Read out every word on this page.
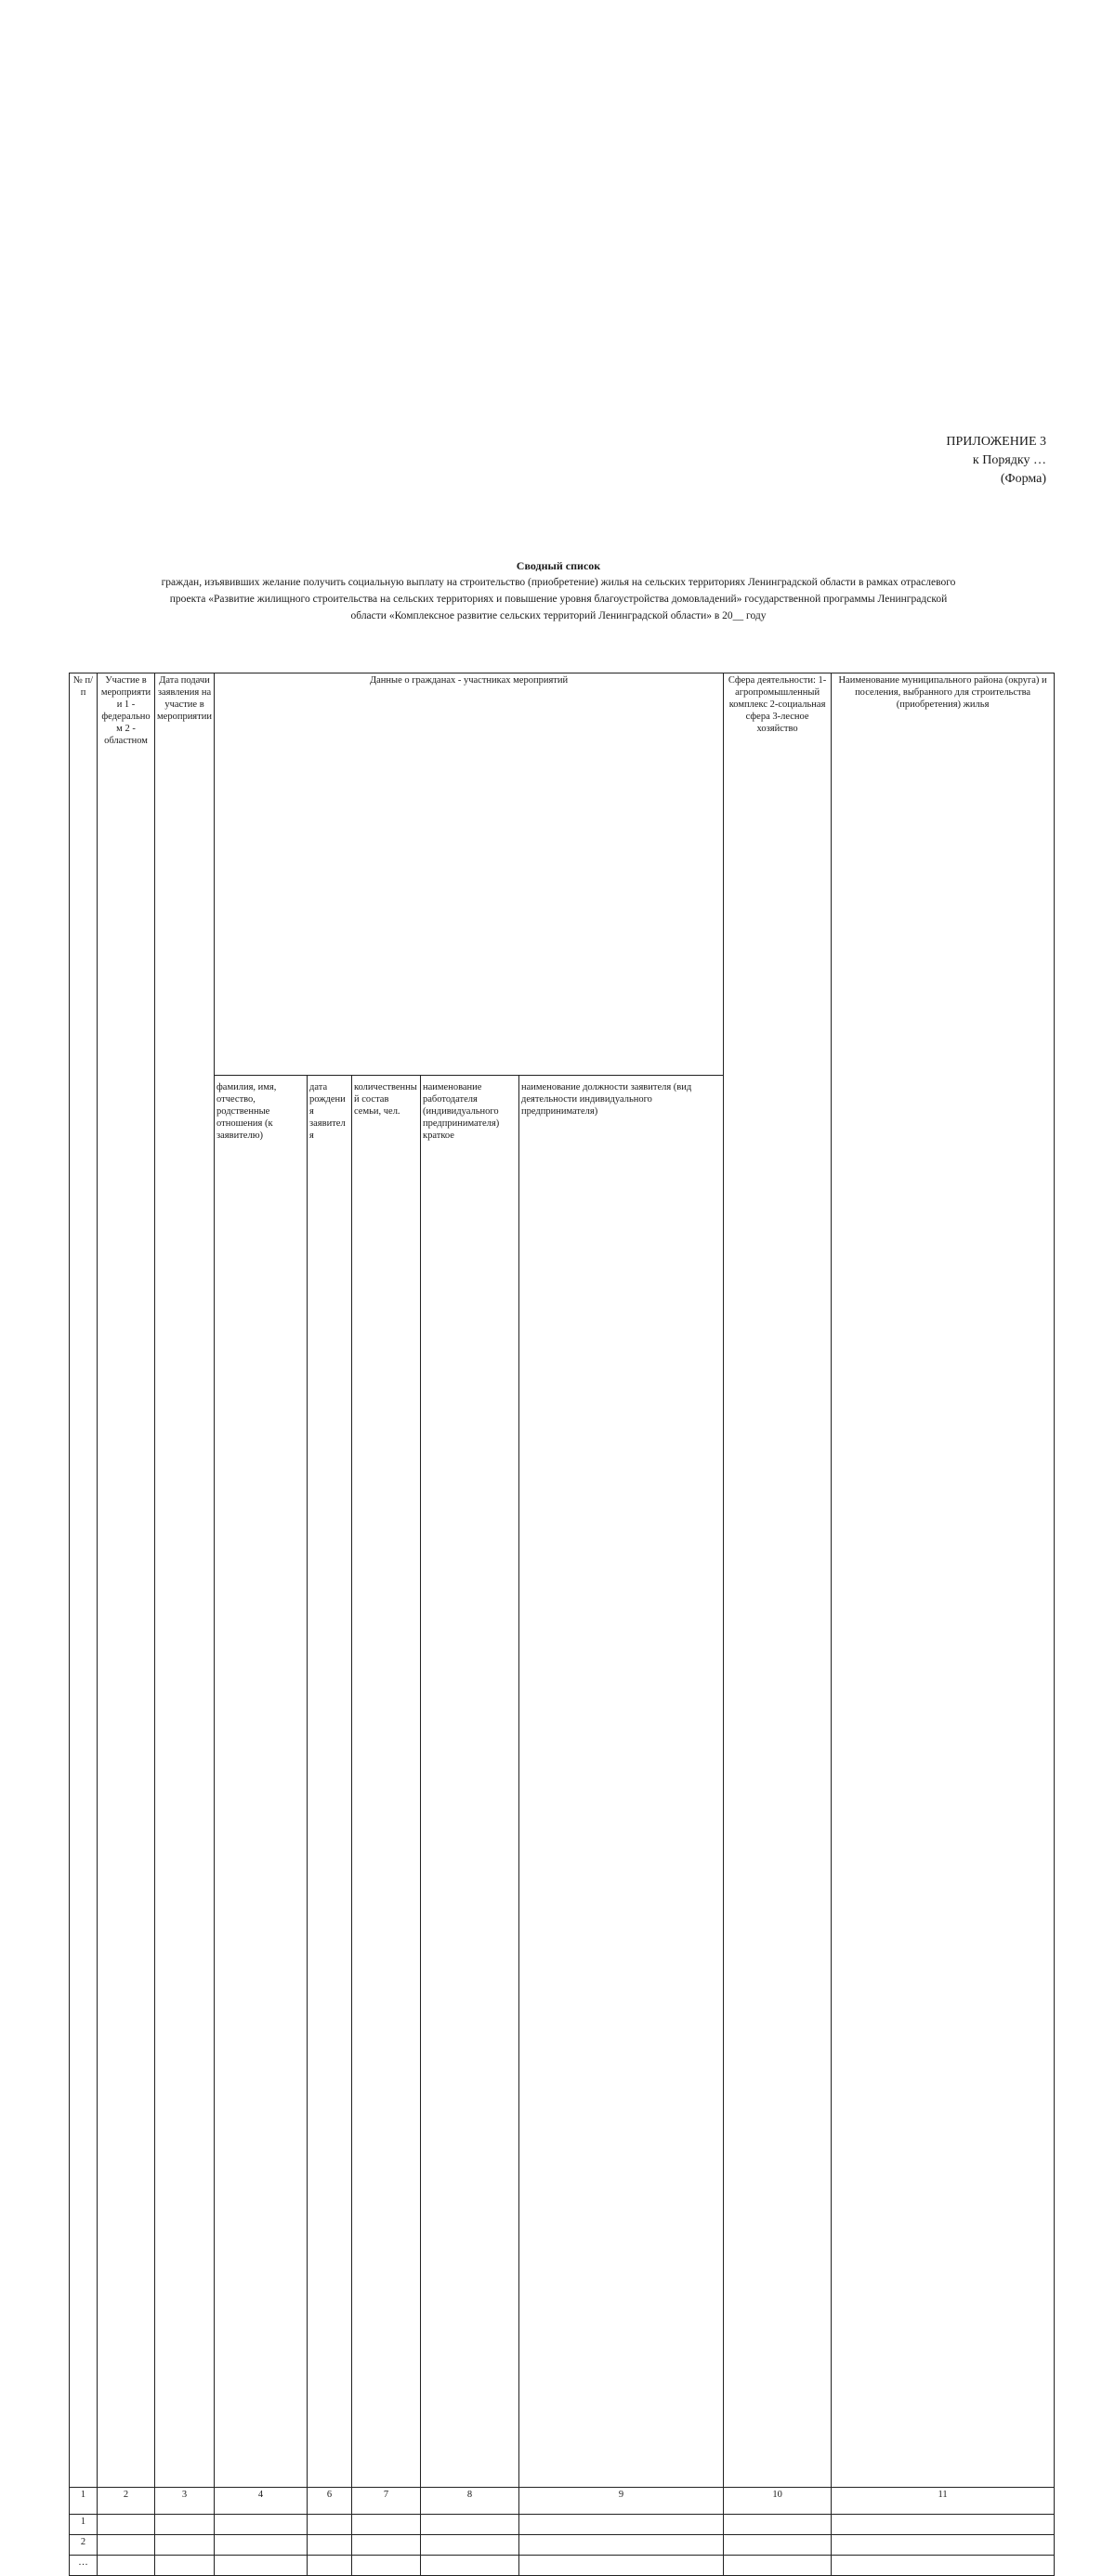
ПРИЛОЖЕНИЕ 3
к Порядку …
(Форма)
Сводный список
граждан, изъявивших желание получить социальную выплату на строительство (приобретение) жилья на сельских территориях Ленинградской области в рамках отраслевого
проекта «Развитие жилищного строительства на сельских территориях и повышение уровня благоустройства домовладений» государственной программы Ленинградской
области «Комплексное развитие сельских территорий Ленинградской области» в 20__ году
№ п/п	Участие в мероприятии 1 - федеральном 2 - областном	Дата подачи заявления на участие в мероприятии	Данные о гражданах - участниках мероприятий					Сфера деятельности: 1- агропромышленный комплекс 2-социальная сфера 3-лесное хозяйство	Наименование муниципального района (округа) и поселения, выбранного для строительства (приобретения) жилья	
			фамилия, имя, отчество, родственные отношения (к заявителю)	дата рождения заявителя	количественный состав семьи, чел.	наименование работодателя (индивидуального предпринимателя) краткое	наименование должности заявителя (вид деятельности индивидуального предпринимателя)			
1	2	3	4	6	7	8	9	10	11	
1										
2										
…										
